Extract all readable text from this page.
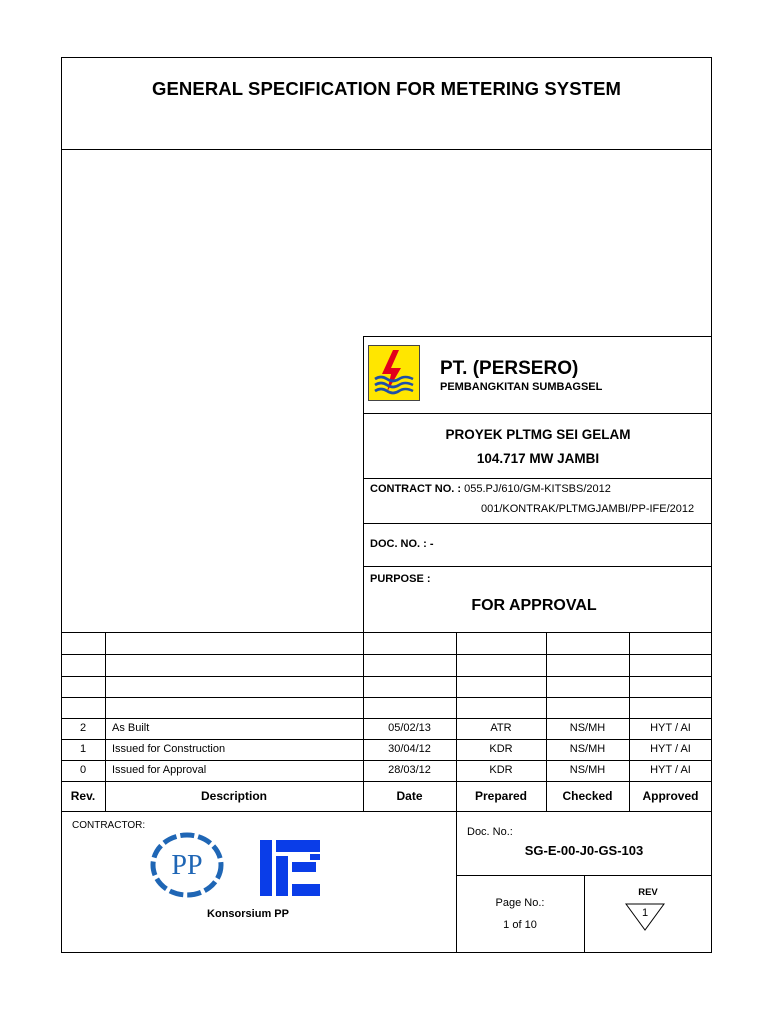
GENERAL SPECIFICATION FOR METERING SYSTEM
PT. (PERSERO)
PEMBANGKITAN SUMBAGSEL
PROYEK PLTMG SEI GELAM
104.717 MW JAMBI
CONTRACT NO. : 055.PJ/610/GM-KITSBS/2012
001/KONTRAK/PLTMGJAMBI/PP-IFE/2012
DOC. NO. : -
PURPOSE :
FOR APPROVAL
2	As Built	05/02/13	ATR	NS/MH	HYT / AI
1	Issued for Construction	30/04/12	KDR	NS/MH	HYT / AI
0	Issued for Approval	28/03/12	KDR	NS/MH	HYT / AI
Rev.	Description	Date	Prepared	Checked	Approved
CONTRACTOR:
PP
Konsorsium PP
Doc. No.:
SG-E-00-J0-GS-103
Page No.:
1 of 10
REV
1
